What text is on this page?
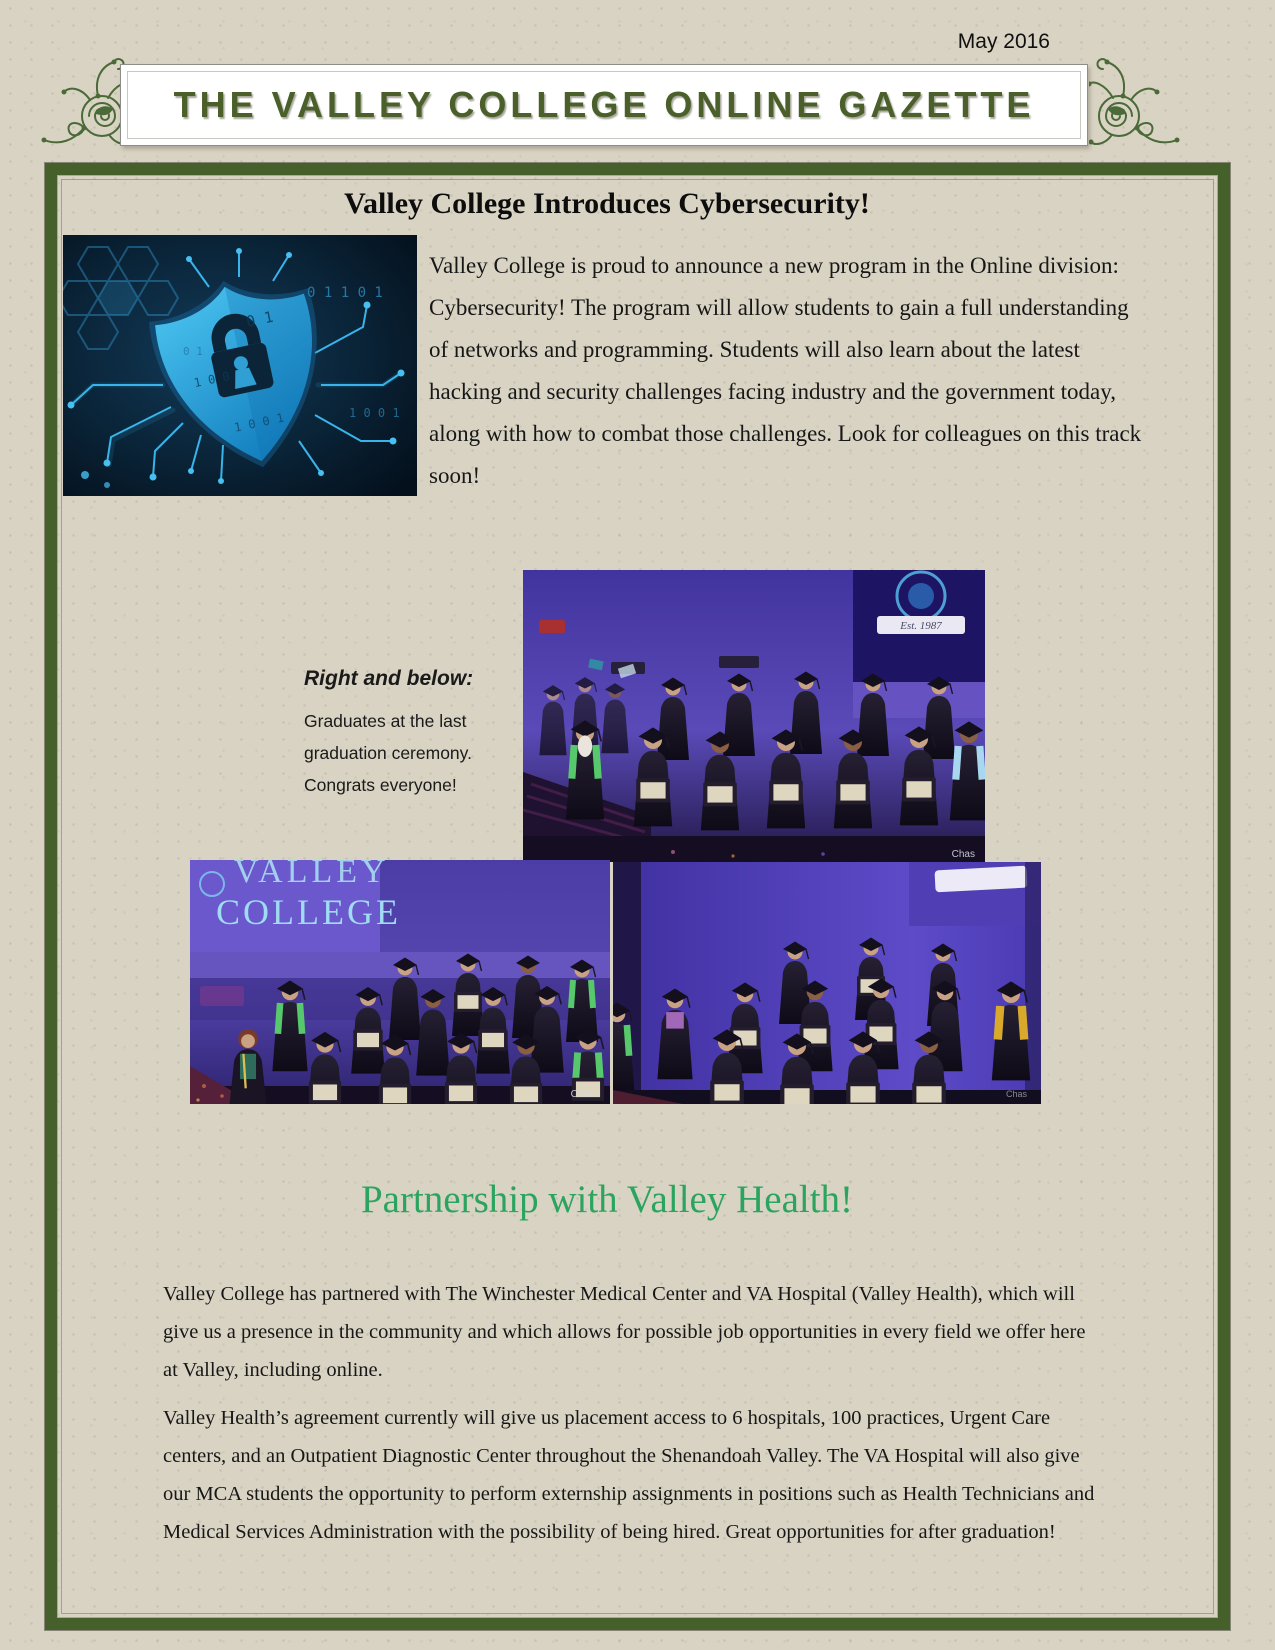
May 2016
THE VALLEY COLLEGE ONLINE GAZETTE
Valley College Introduces Cybersecurity!
0 1
1 0 0
1 0 0 1
0 1 1 0 1
1 0 0 1
0 1

Valley College is proud to announce a new program in the Online division: Cybersecurity! The program will allow students to gain a full understanding of networks and programming. Students will also learn about the latest hacking and security challenges facing industry and the government today, along with how to combat those challenges. Look for colleagues on this track soon!

Right and below:
Graduates at the last
graduation ceremony.
Congrats everyone!
Est. 1987
Chas
VALLEY
COLLEGE
Chas	Chas
Partnership with Valley Health!

Valley College has partnered with The Winchester Medical Center and VA Hospital (Valley Health), which will give us a presence in the community and which allows for possible job opportunities in every field we offer here at Valley, including online.

Valley Health’s agreement currently will give us placement access to 6 hospitals, 100 practices, Urgent Care centers, and an Outpatient Diagnostic Center throughout the Shenandoah Valley. The VA Hospital will also give our MCA students the opportunity to perform externship assignments in positions such as Health Technicians and Medical Services Administration with the possibility of being hired. Great opportunities for after graduation!
